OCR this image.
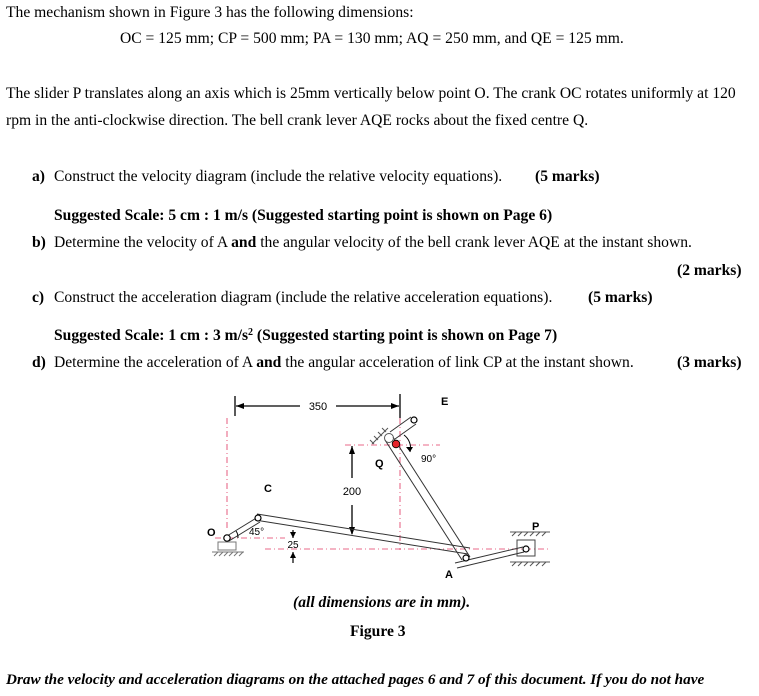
The mechanism shown in Figure 3 has the following dimensions:
OC = 125 mm; CP = 500 mm; PA = 130 mm; AQ = 250 mm, and QE = 125 mm.
The slider P translates along an axis which is 25mm vertically below point O. The crank OC rotates uniformly at 120
rpm in the anti-clockwise direction. The bell crank lever AQE rocks about the fixed centre Q.
a) Construct the velocity diagram (include the relative velocity equations). (5 marks)
Suggested Scale: 5 cm : 1 m/s (Suggested starting point is shown on Page 6)
b) Determine the velocity of A and the angular velocity of the bell crank lever AQE at the instant shown.
(2 marks)
c) Construct the acceleration diagram (include the relative acceleration equations). (5 marks)
Suggested Scale: 1 cm : 3 $m/s^2$ (Suggested starting point is shown on Page 7)
d) Determine the acceleration of A and the angular acceleration of link CP at the instant shown.	(3 marks)
350
200
25
45°
90°
O
C
Q
E
P
A
(all dimensions are in mm).
Figure 3
Draw the velocity and acceleration diagrams on the attached pages 6 and 7 of this document. If you do not have
